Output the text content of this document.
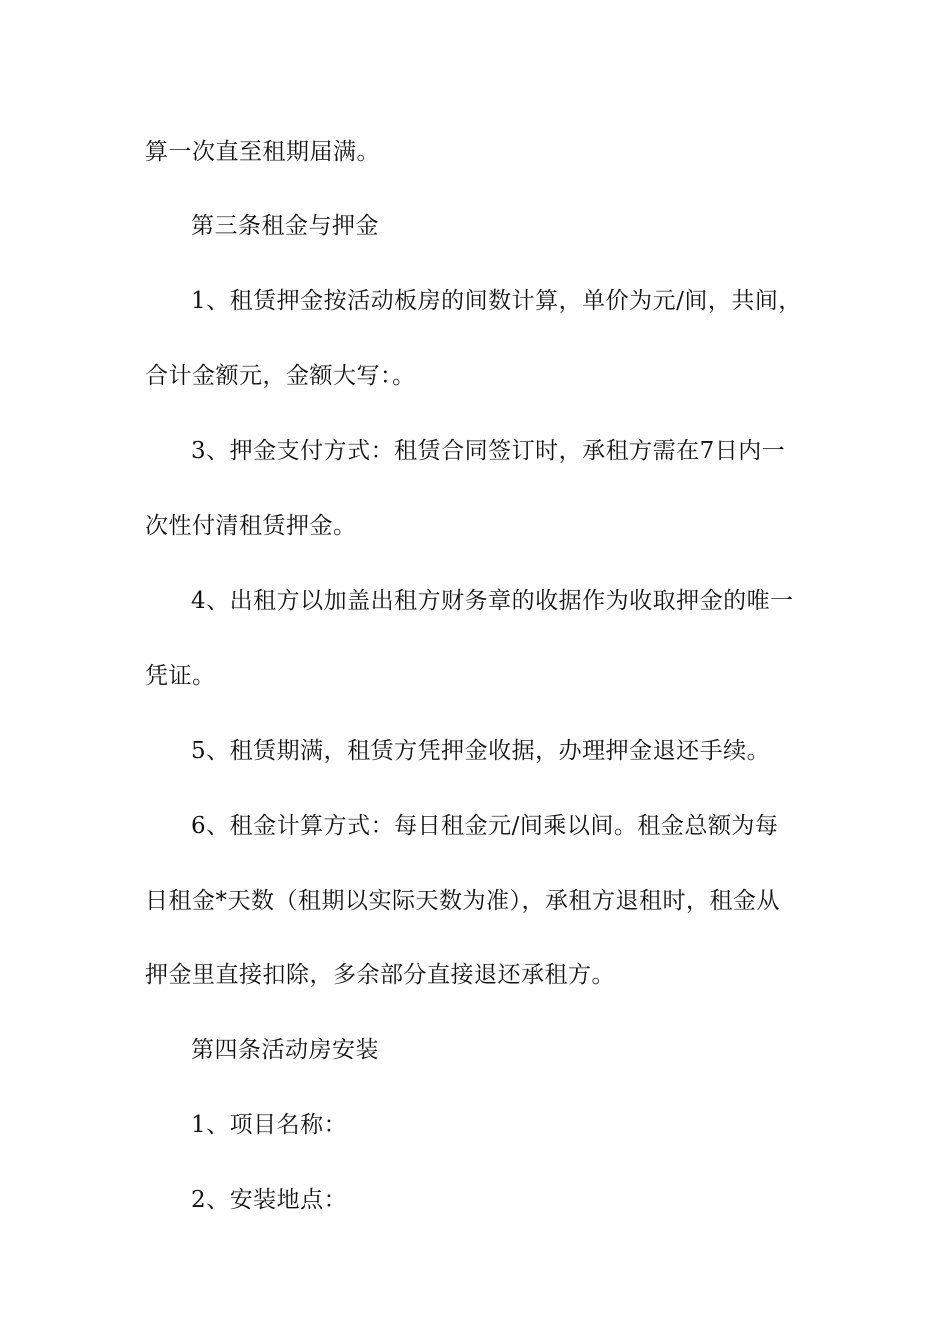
算一次直至租期届满。
第三条租金与押金
1、租赁押金按活动板房的间数计算，单价为元/间，共间，
合计金额元，金额大写：。
3、押金支付方式：租赁合同签订时，承租方需在7日内一
次性付清租赁押金。
4、出租方以加盖出租方财务章的收据作为收取押金的唯一
凭证。
5、租赁期满，租赁方凭押金收据，办理押金退还手续。
6、租金计算方式：每日租金元/间乘以间。租金总额为每
日租金*天数（租期以实际天数为准），承租方退租时，租金从
押金里直接扣除，多余部分直接退还承租方。
第四条活动房安装
1、项目名称：
2、安装地点：
